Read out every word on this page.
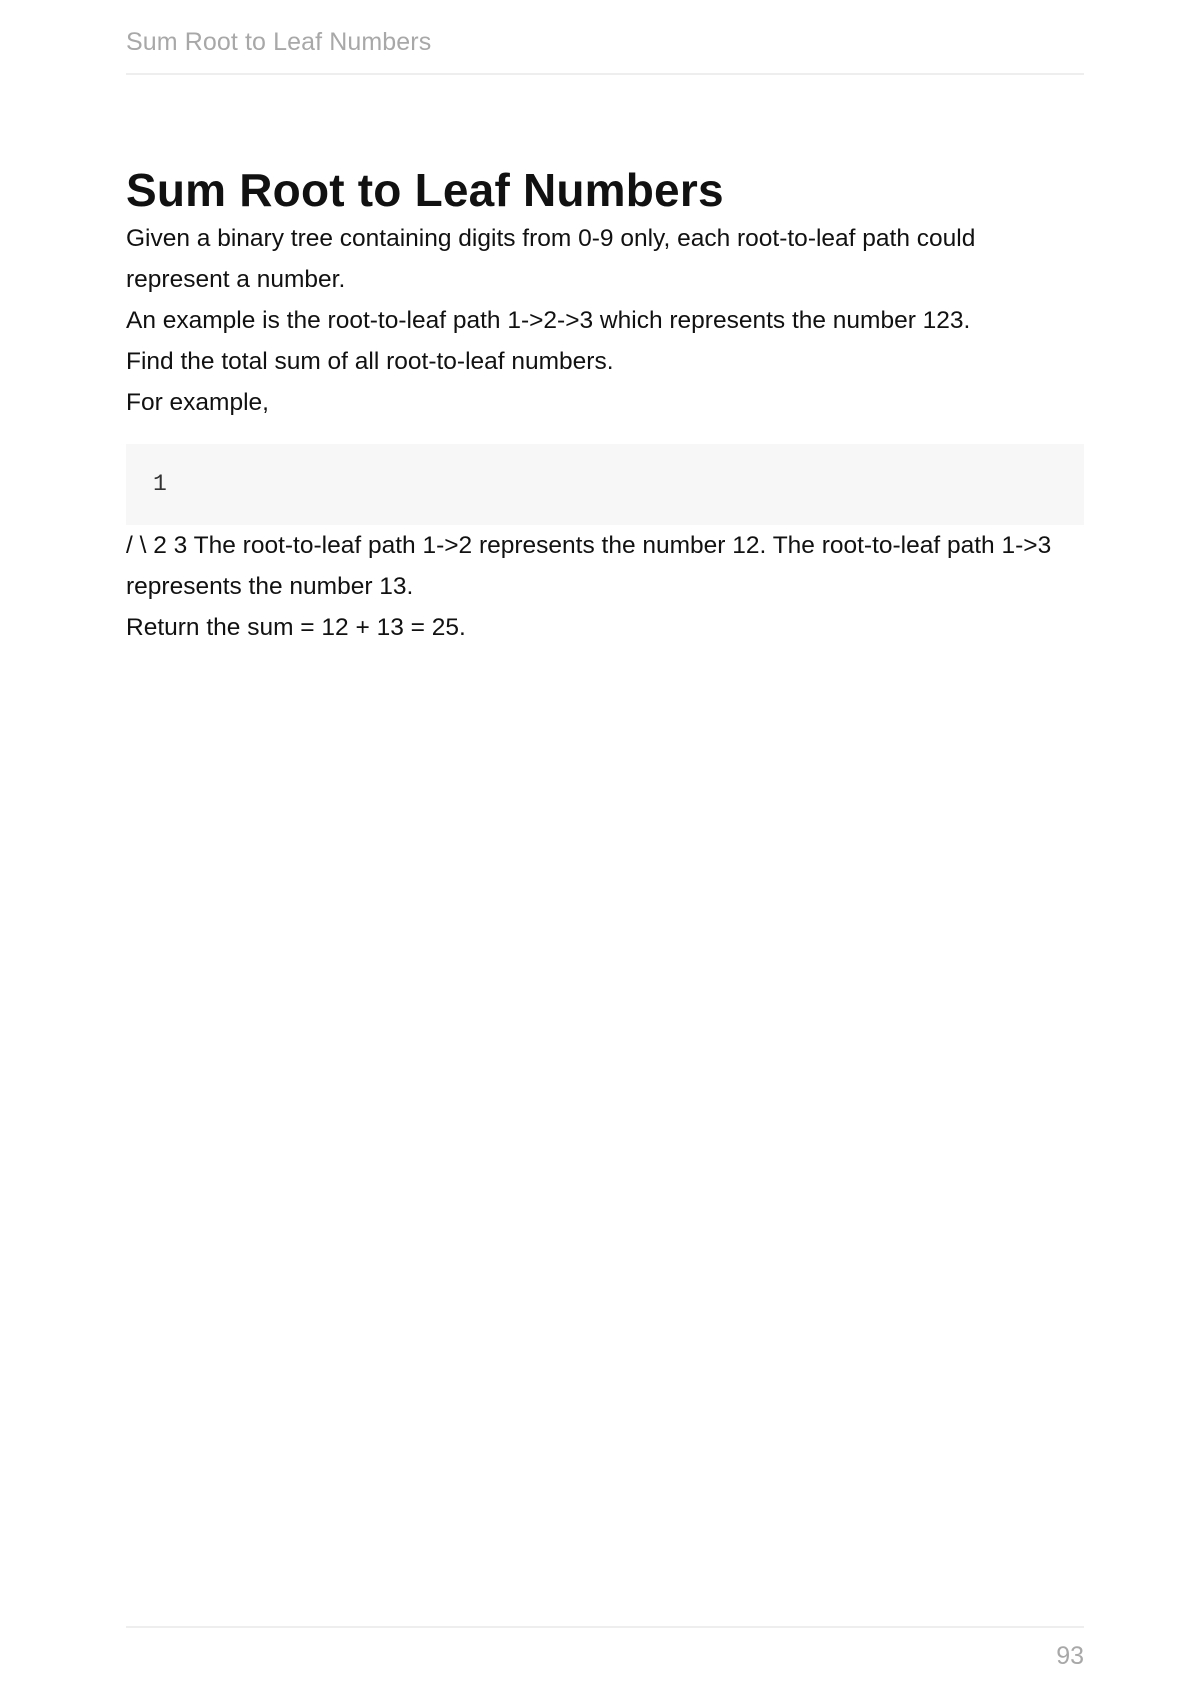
Sum Root to Leaf Numbers
Sum Root to Leaf Numbers

Given a binary tree containing digits from 0-9 only, each root-to-leaf path could represent a number.

An example is the root-to-leaf path 1->2->3 which represents the number 123.

Find the total sum of all root-to-leaf numbers.

For example,

1

/ \ 2 3 The root-to-leaf path 1->2 represents the number 12. The root-to-leaf path 1->3 represents the number 13.

Return the sum = 12 + 13 = 25.

93
